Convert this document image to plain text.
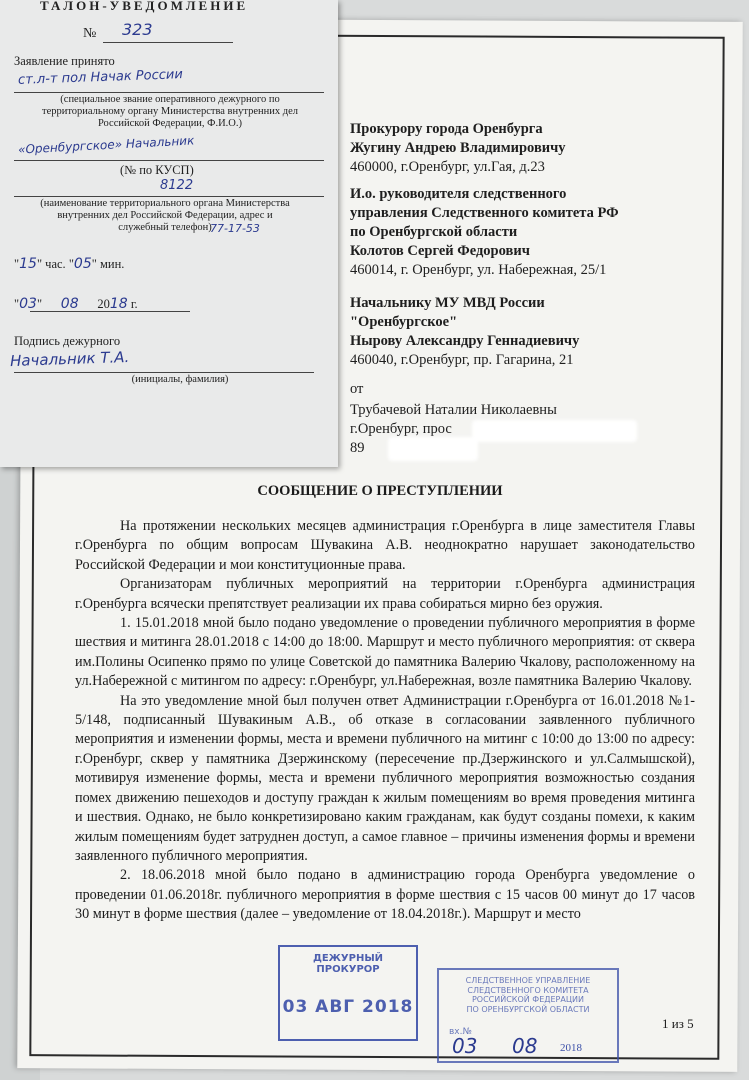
Прокурору города Оренбурга
Жугину Андрею Владимировичу
460000, г.Оренбург, ул.Гая, д.23
И.о. руководителя следственного
управления Следственного комитета РФ
по Оренбургской области
Колотов Сергей Федорович
460014, г. Оренбург, ул. Набережная, 25/1
Начальнику МУ МВД России
"Оренбургское"
Нырову Александру Геннадиевичу
460040, г.Оренбург, пр. Гагарина, 21
от
Трубачевой Наталии Николаевны
г.Оренбург, прос
89
СООБЩЕНИЕ О ПРЕСТУПЛЕНИИ

На протяжении нескольких месяцев администрация г.Оренбурга в лице заместителя Главы г.Оренбурга по общим вопросам Шувакина А.В. неоднократно нарушает законодательство Российской Федерации и мои конституционные права.

Организаторам публичных мероприятий на территории г.Оренбурга администрация г.Оренбурга всячески препятствует реализации их права собираться мирно без оружия.

1. 15.01.2018 мной было подано уведомление о проведении публичного мероприятия в форме шествия и митинга 28.01.2018 с 14:00 до 18:00. Маршрут и место публичного мероприятия: от сквера им.Полины Осипенко прямо по улице Советской до памятника Валерию Чкалову, расположенному на ул.Набережной с митингом по адресу: г.Оренбург, ул.Набережная, возле памятника Валерию Чкалову.

На это уведомление мной был получен ответ Администрации г.Оренбурга от 16.01.2018 №1-5/148, подписанный Шувакиным А.В., об отказе в согласовании заявленного публичного мероприятия и изменении формы, места и времени публичного на митинг с 10:00 до 13:00 по адресу: г.Оренбург, сквер у памятника Дзержинскому (пересечение пр.Дзержинского и ул.Салмышской), мотивируя изменение формы, места и времени публичного мероприятия возможностью создания помех движению пешеходов и доступу граждан к жилым помещениям во время проведения митинга и шествия. Однако, не было конкретизировано каким гражданам, как будут созданы помехи, к каким жилым помещениям будет затруднен доступ, а самое главное – причины изменения формы и времени заявленного публичного мероприятия.

2. 18.06.2018 мной было подано в администрацию города Оренбурга уведомление о проведении 01.06.2018г. публичного мероприятия в форме шествия с 15 часов 00 минут до 17 часов 30 минут в форме шествия (далее – уведомление от 18.04.2018г.). Маршрут и место

1 из 5
ДЕЖУРНЫЙ ПРОКУРОР
03 АВГ 2018
СЛЕДСТВЕННОЕ УПРАВЛЕНИЕ
СЛЕДСТВЕННОГО КОМИТЕТА
РОССИЙСКОЙ ФЕДЕРАЦИИ
ПО ОРЕНБУРГСКОЙ ОБЛАСТИ
вх.№
03 08 2018
ТАЛОН-УВЕДОМЛЕНИЕ
№ 323
Заявление принято
ст.л-т пол Начак России
(специальное звание оперативного дежурного по территориальному органу Министерства внутренних дел Российской Федерации, Ф.И.О.)
«Оренбургское» Начальник
(№ по КУСП)
8122
(наименование территориального органа Министерства внутренних дел Российской Федерации, адрес и служебный телефон)
77-17-53
"15" час. "05" мин.
"03"      08 2018 г.
Подпись дежурного
Начальник Т.А.
(инициалы, фамилия)
